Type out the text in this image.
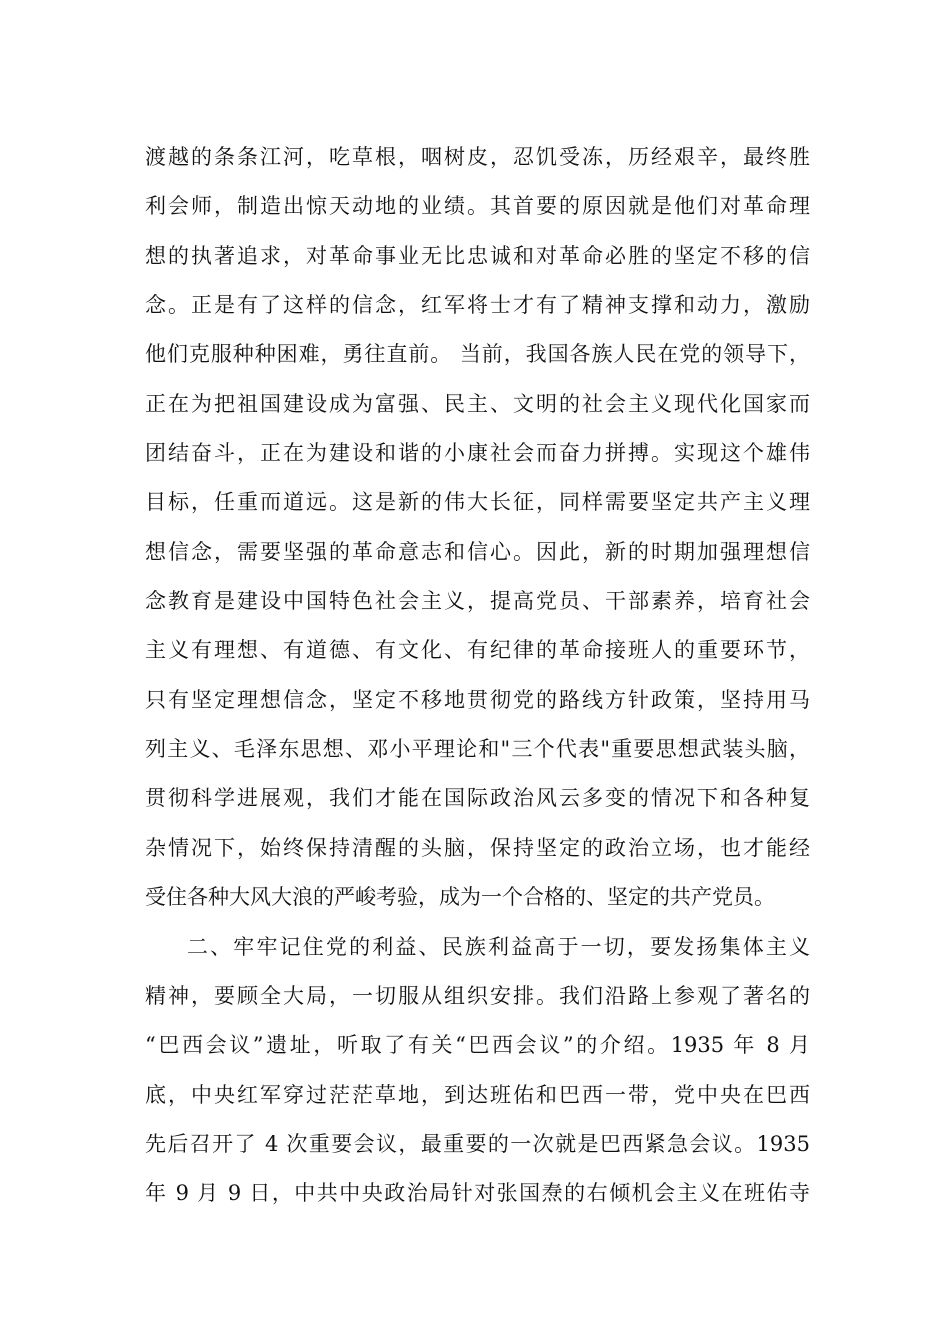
渡越的条条江河，吃草根，咽树皮，忍饥受冻，历经艰辛，最终胜
利会师，制造出惊天动地的业绩。其首要的原因就是他们对革命理
想的执著追求，对革命事业无比忠诚和对革命必胜的坚定不移的信
念。正是有了这样的信念，红军将士才有了精神支撑和动力，激励
他们克服种种困难，勇往直前。 当前，我国各族人民在党的领导下，
正在为把祖国建设成为富强、民主、文明的社会主义现代化国家而
团结奋斗，正在为建设和谐的小康社会而奋力拼搏。实现这个雄伟
目标，任重而道远。这是新的伟大长征，同样需要坚定共产主义理
想信念，需要坚强的革命意志和信心。因此，新的时期加强理想信
念教育是建设中国特色社会主义，提高党员、干部素养，培育社会
主义有理想、有道德、有文化、有纪律的革命接班人的重要环节，
只有坚定理想信念，坚定不移地贯彻党的路线方针政策，坚持用马
列主义、毛泽东思想、邓小平理论和"三个代表"重要思想武装头脑，
贯彻科学进展观，我们才能在国际政治风云多变的情况下和各种复
杂情况下，始终保持清醒的头脑，保持坚定的政治立场，也才能经
受住各种大风大浪的严峻考验，成为一个合格的、坚定的共产党员。
二、牢牢记住党的利益、民族利益高于一切，要发扬集体主义
精神，要顾全大局，一切服从组织安排。我们沿路上参观了著名的
“巴西会议”遗址，听取了有关“巴西会议”的介绍。1935 年 8 月
底，中央红军穿过茫茫草地，到达班佑和巴西一带，党中央在巴西
先后召开了 4 次重要会议，最重要的一次就是巴西紧急会议。1935
年 9 月 9 日，中共中央政治局针对张国焘的右倾机会主义在班佑寺
